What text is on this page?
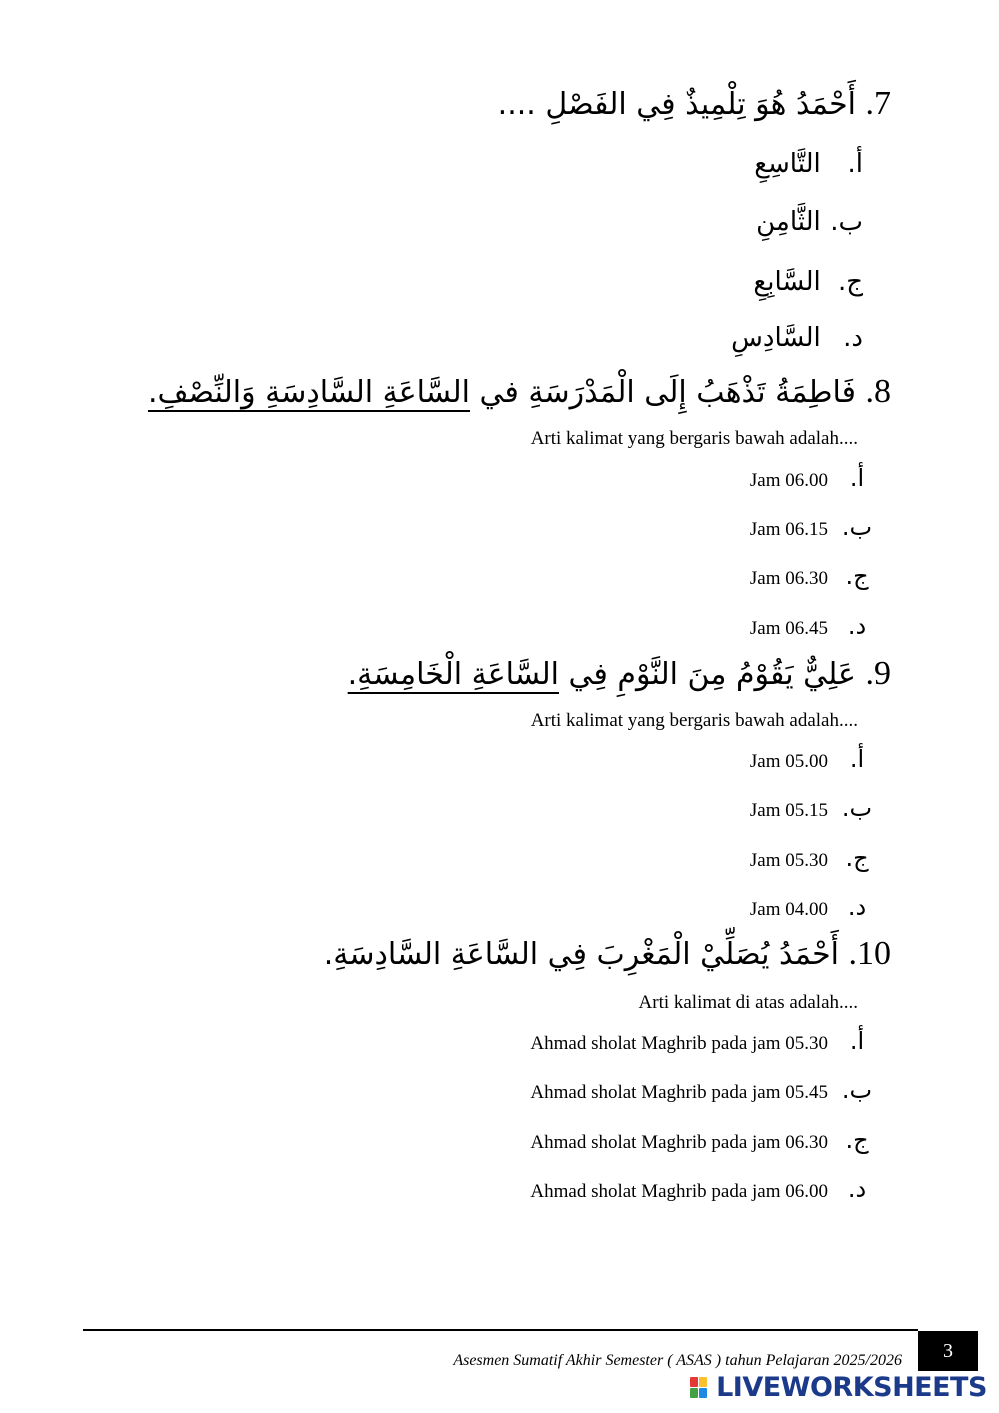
7. أَحْمَدُ هُوَ تِلْمِيذٌ فِي الفَصْلِ ....
أ. التَّاسِعِ
ب. الثَّامِنِ
ج. السَّابِعِ
د. السَّادِسِ
8. فَاطِمَةُ تَذْهَبُ إِلَى الْمَدْرَسَةِ في السَّاعَةِ السَّادِسَةِ وَالنِّصْفِ.
Arti kalimat yang bergaris bawah adalah....
Jam 06.00 أ.
Jam 06.15 ب.
Jam 06.30 ج.
Jam 06.45 د.
9. عَلِيٌّ يَقُوْمُ مِنَ النَّوْمِ فِي السَّاعَةِ الْخَامِسَةِ.
Arti kalimat yang bergaris bawah adalah....
Jam 05.00 أ.
Jam 05.15 ب.
Jam 05.30 ج.
Jam 04.00 د.
10. أَحْمَدُ يُصَلِّيْ الْمَغْرِبَ فِي السَّاعَةِ السَّادِسَةِ.
Arti kalimat di atas adalah....
Ahmad sholat Maghrib pada jam 05.30 أ.
Ahmad sholat Maghrib pada jam 05.45 ب.
Ahmad sholat Maghrib pada jam 06.30 ج.
Ahmad sholat Maghrib pada jam 06.00 د.
Asesmen Sumatif Akhir Semester ( ASAS ) tahun Pelajaran 2025/2026	3
LIVEWORKSHEETS
